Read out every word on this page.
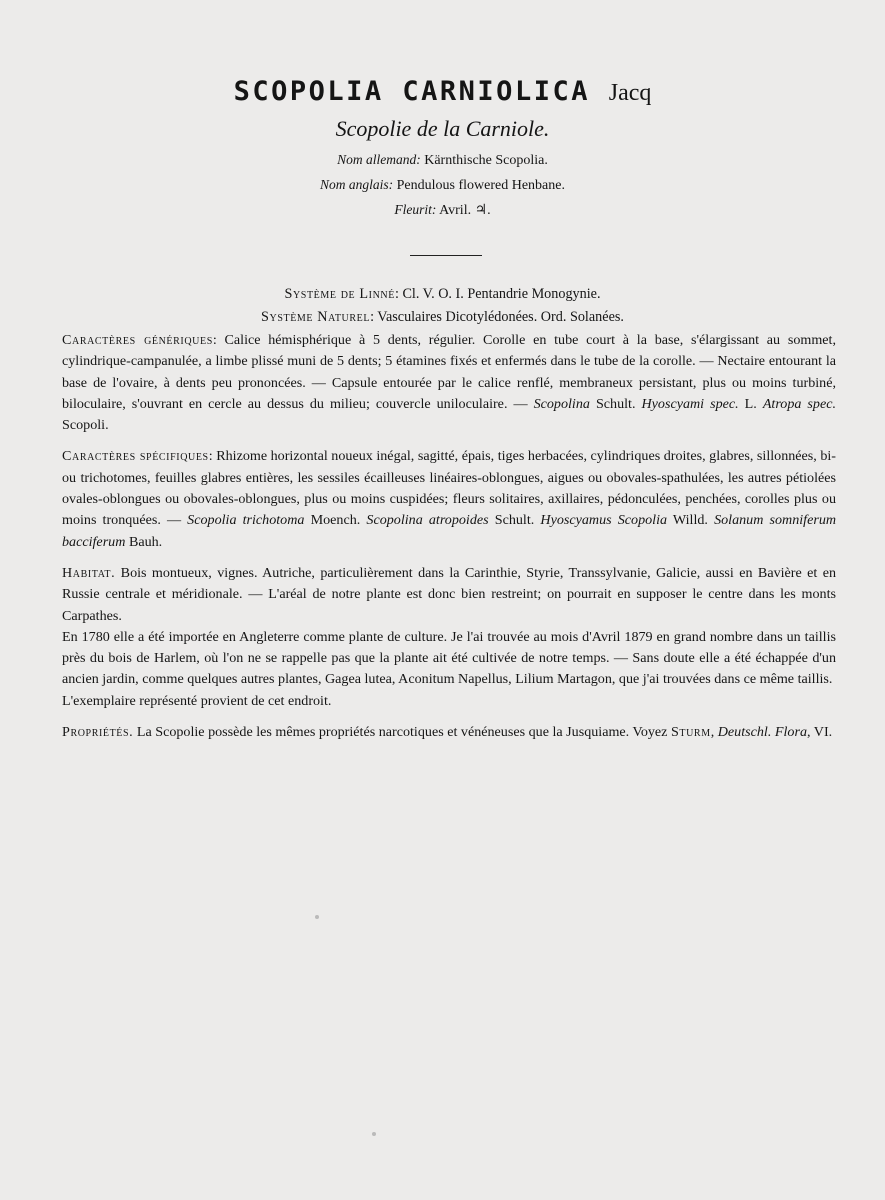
SCOPOLIA CARNIOLICA Jacq
Scopolie de la Carniole.
Nom allemand: Kärnthische Scopolia.
Nom anglais: Pendulous flowered Henbane.
Fleurit: Avril. ♃.
Système de Linné: Cl. V. O. I. Pentandrie Monogynie.
Système Naturel: Vasculaires Dicotylédonées. Ord. Solanées.

Caractères génériques: Calice hémisphérique à 5 dents, régulier. Corolle en tube court à la base, s'élargissant au sommet, cylindrique-campanulée, a limbe plissé muni de 5 dents; 5 étamines fixés et enfermés dans le tube de la corolle. — Nectaire entourant la base de l'ovaire, à dents peu prononcées. — Capsule entourée par le calice renflé, membraneux persistant, plus ou moins turbiné, biloculaire, s'ouvrant en cercle au dessus du milieu; couvercle uniloculaire. — Scopolina Schult. Hyoscyami spec. L. Atropa spec. Scopoli.

Caractères spécifiques: Rhizome horizontal noueux inégal, sagitté, épais, tiges herbacées, cylindriques droites, glabres, sillonnées, bi- ou trichotomes, feuilles glabres entières, les sessiles écailleuses linéaires-oblongues, aigues ou obovales-spathulées, les autres pétiolées ovales-oblongues ou obovales-oblongues, plus ou moins cuspidées; fleurs solitaires, axillaires, pédonculées, penchées, corolles plus ou moins tronquées. — Scopolia trichotoma Moench. Scopolina atropoides Schult. Hyoscyamus Scopolia Willd. Solanum somniferum bacciferum Bauh.

Habitat. Bois montueux, vignes. Autriche, particulièrement dans la Carinthie, Styrie, Transsylvanie, Galicie, aussi en Bavière et en Russie centrale et méridionale. — L'aréal de notre plante est donc bien restreint; on pourrait en supposer le centre dans les monts Carpathes.

En 1780 elle a été importée en Angleterre comme plante de culture. Je l'ai trouvée au mois d'Avril 1879 en grand nombre dans un taillis près du bois de Harlem, où l'on ne se rappelle pas que la plante ait été cultivée de notre temps. — Sans doute elle a été échappée d'un ancien jardin, comme quelques autres plantes, Gagea lutea, Aconitum Napellus, Lilium Martagon, que j'ai trouvées dans ce même taillis.

L'exemplaire représenté provient de cet endroit.

Propriétés. La Scopolie possède les mêmes propriétés narcotiques et vénéneuses que la Jusquiame. Voyez Sturm, Deutschl. Flora, VI.
